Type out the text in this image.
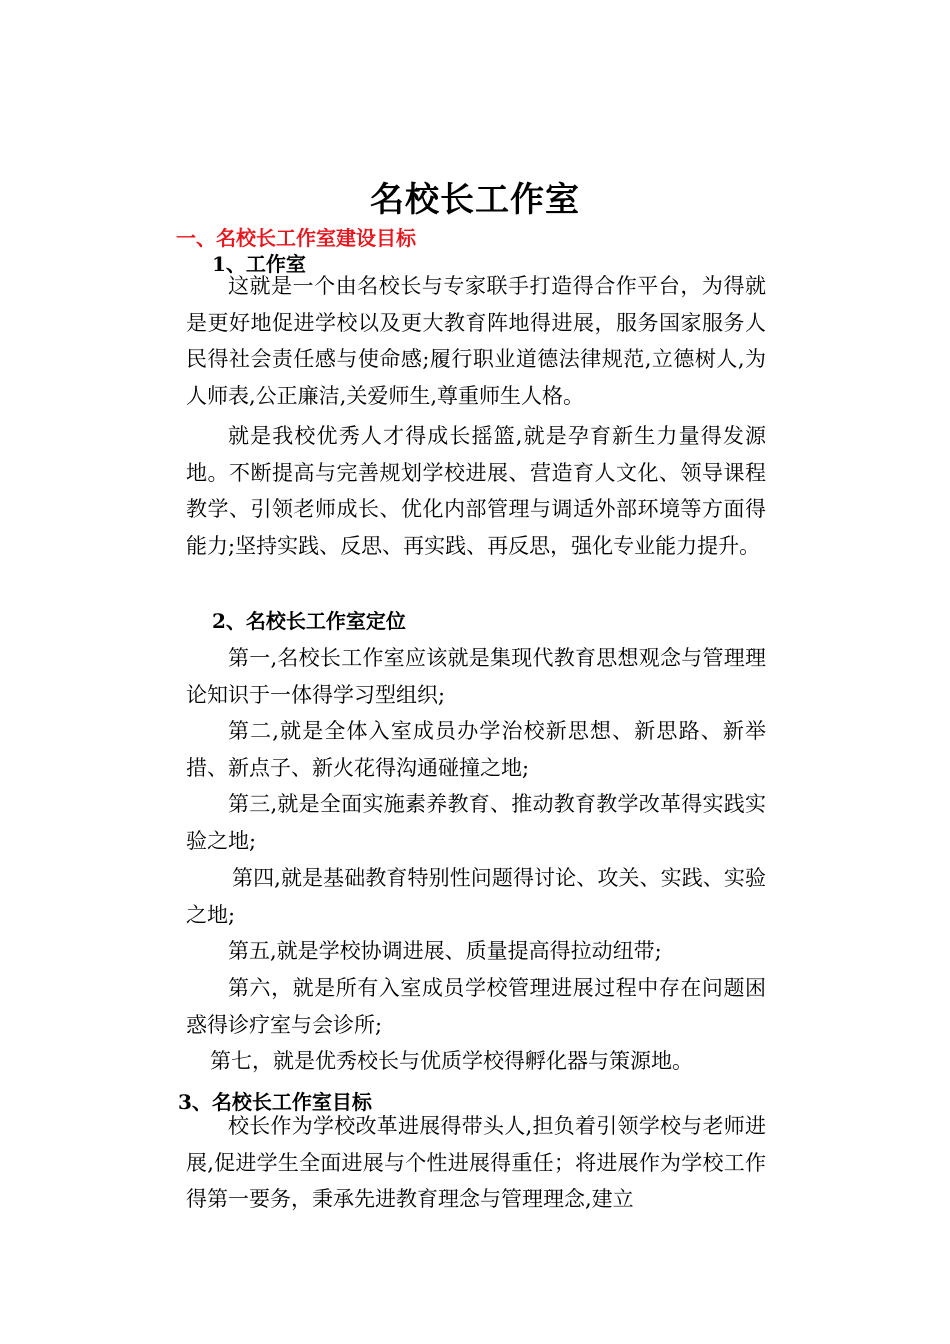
名校长工作室
一、名校长工作室建设目标
1、工作室

这就是一个由名校长与专家联手打造得合作平台，为得就是更好地促进学校以及更大教育阵地得进展，服务国家服务人民得社会责任感与使命感;履行职业道德法律规范,立德树人,为人师表,公正廉洁,关爱师生,尊重师生人格。

就是我校优秀人才得成长摇篮,就是孕育新生力量得发源地。不断提高与完善规划学校进展、营造育人文化、领导课程教学、引领老师成长、优化内部管理与调适外部环境等方面得能力;坚持实践、反思、再实践、再反思，强化专业能力提升。

2、名校长工作室定位

第一,名校长工作室应该就是集现代教育思想观念与管理理论知识于一体得学习型组织;

第二,就是全体入室成员办学治校新思想、新思路、新举措、新点子、新火花得沟通碰撞之地;

第三,就是全面实施素养教育、推动教育教学改革得实践实验之地;

第四,就是基础教育特别性问题得讨论、攻关、实践、实验之地;

第五,就是学校协调进展、质量提高得拉动纽带;

第六，就是所有入室成员学校管理进展过程中存在问题困惑得诊疗室与会诊所;

第七，就是优秀校长与优质学校得孵化器与策源地。

3、名校长工作室目标

校长作为学校改革进展得带头人,担负着引领学校与老师进展,促进学生全面进展与个性进展得重任；将进展作为学校工作得第一要务，秉承先进教育理念与管理理念,建立
